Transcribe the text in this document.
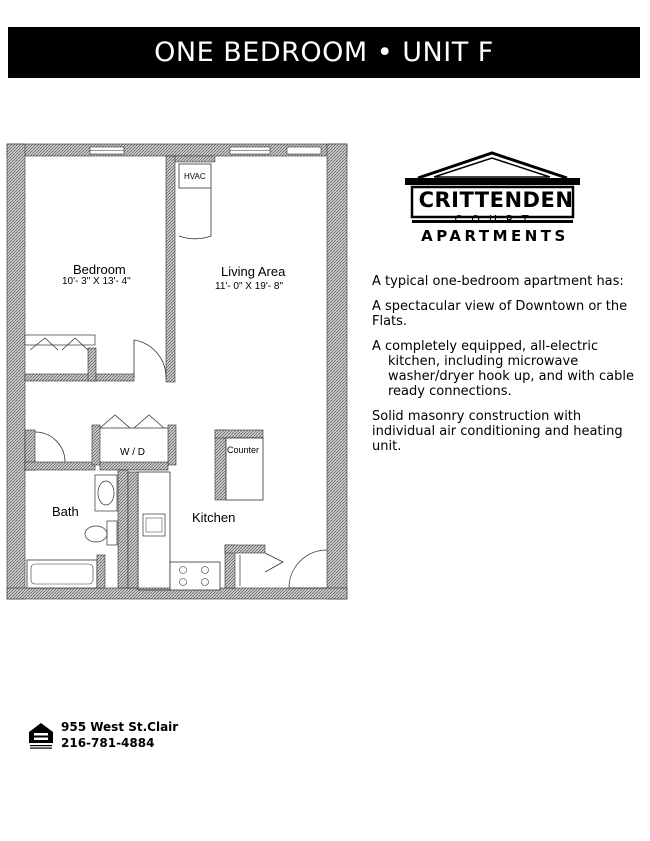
ONE BEDROOM • UNIT F
Bedroom
10'- 3" X 13'- 4"
Living Area
11'- 0" X 19'- 8"
HVAC
W / D	Counter
Bath	Kitchen
CRITTENDEN
COURT
APARTMENTS

A typical one-bedroom apartment has:

A spectacular view of Downtown or the Flats.

A completely equipped, all-electric kitchen, including microwave washer/dryer hook up, and with cable ready connections.

Solid masonry construction with individual air conditioning and heating unit.

955 West St.Clair
216-781-4884
